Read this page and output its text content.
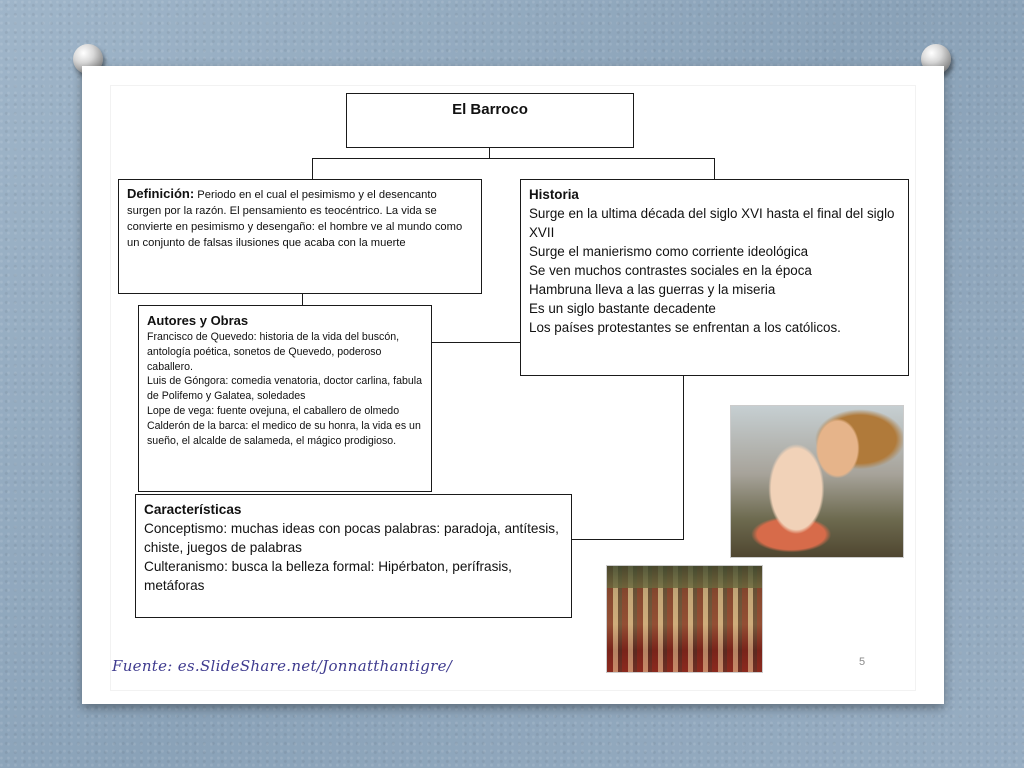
El Barroco
Definición: Periodo en el cual el pesimismo y el desencanto surgen por la razón. El pensamiento es teocéntrico. La vida se convierte en pesimismo y desengaño: el hombre ve al mundo como un conjunto de falsas ilusiones que acaba con la muerte
Historia
Surge en la ultima década del siglo XVI hasta el final del siglo XVII
Surge el manierismo como corriente ideológica
Se ven muchos contrastes sociales en la época
Hambruna lleva a las guerras y la miseria
Es un siglo bastante decadente
Los países protestantes se enfrentan a los católicos.
Autores y Obras
Francisco de Quevedo: historia de la vida del buscón, antología poética, sonetos de Quevedo, poderoso caballero.
Luis de Góngora: comedia venatoria, doctor carlina, fabula de Polifemo y Galatea, soledades
Lope de vega: fuente ovejuna, el caballero de olmedo
Calderón de la barca: el medico de su honra, la vida es un sueño, el alcalde de salameda, el mágico prodigioso.
Características
Conceptismo: muchas ideas con pocas palabras: paradoja, antítesis, chiste, juegos de palabras
Culteranismo: busca la belleza formal: Hipérbaton, perífrasis, metáforas
Fuente: es.SlideShare.net/Jonnatthantigre/	5
